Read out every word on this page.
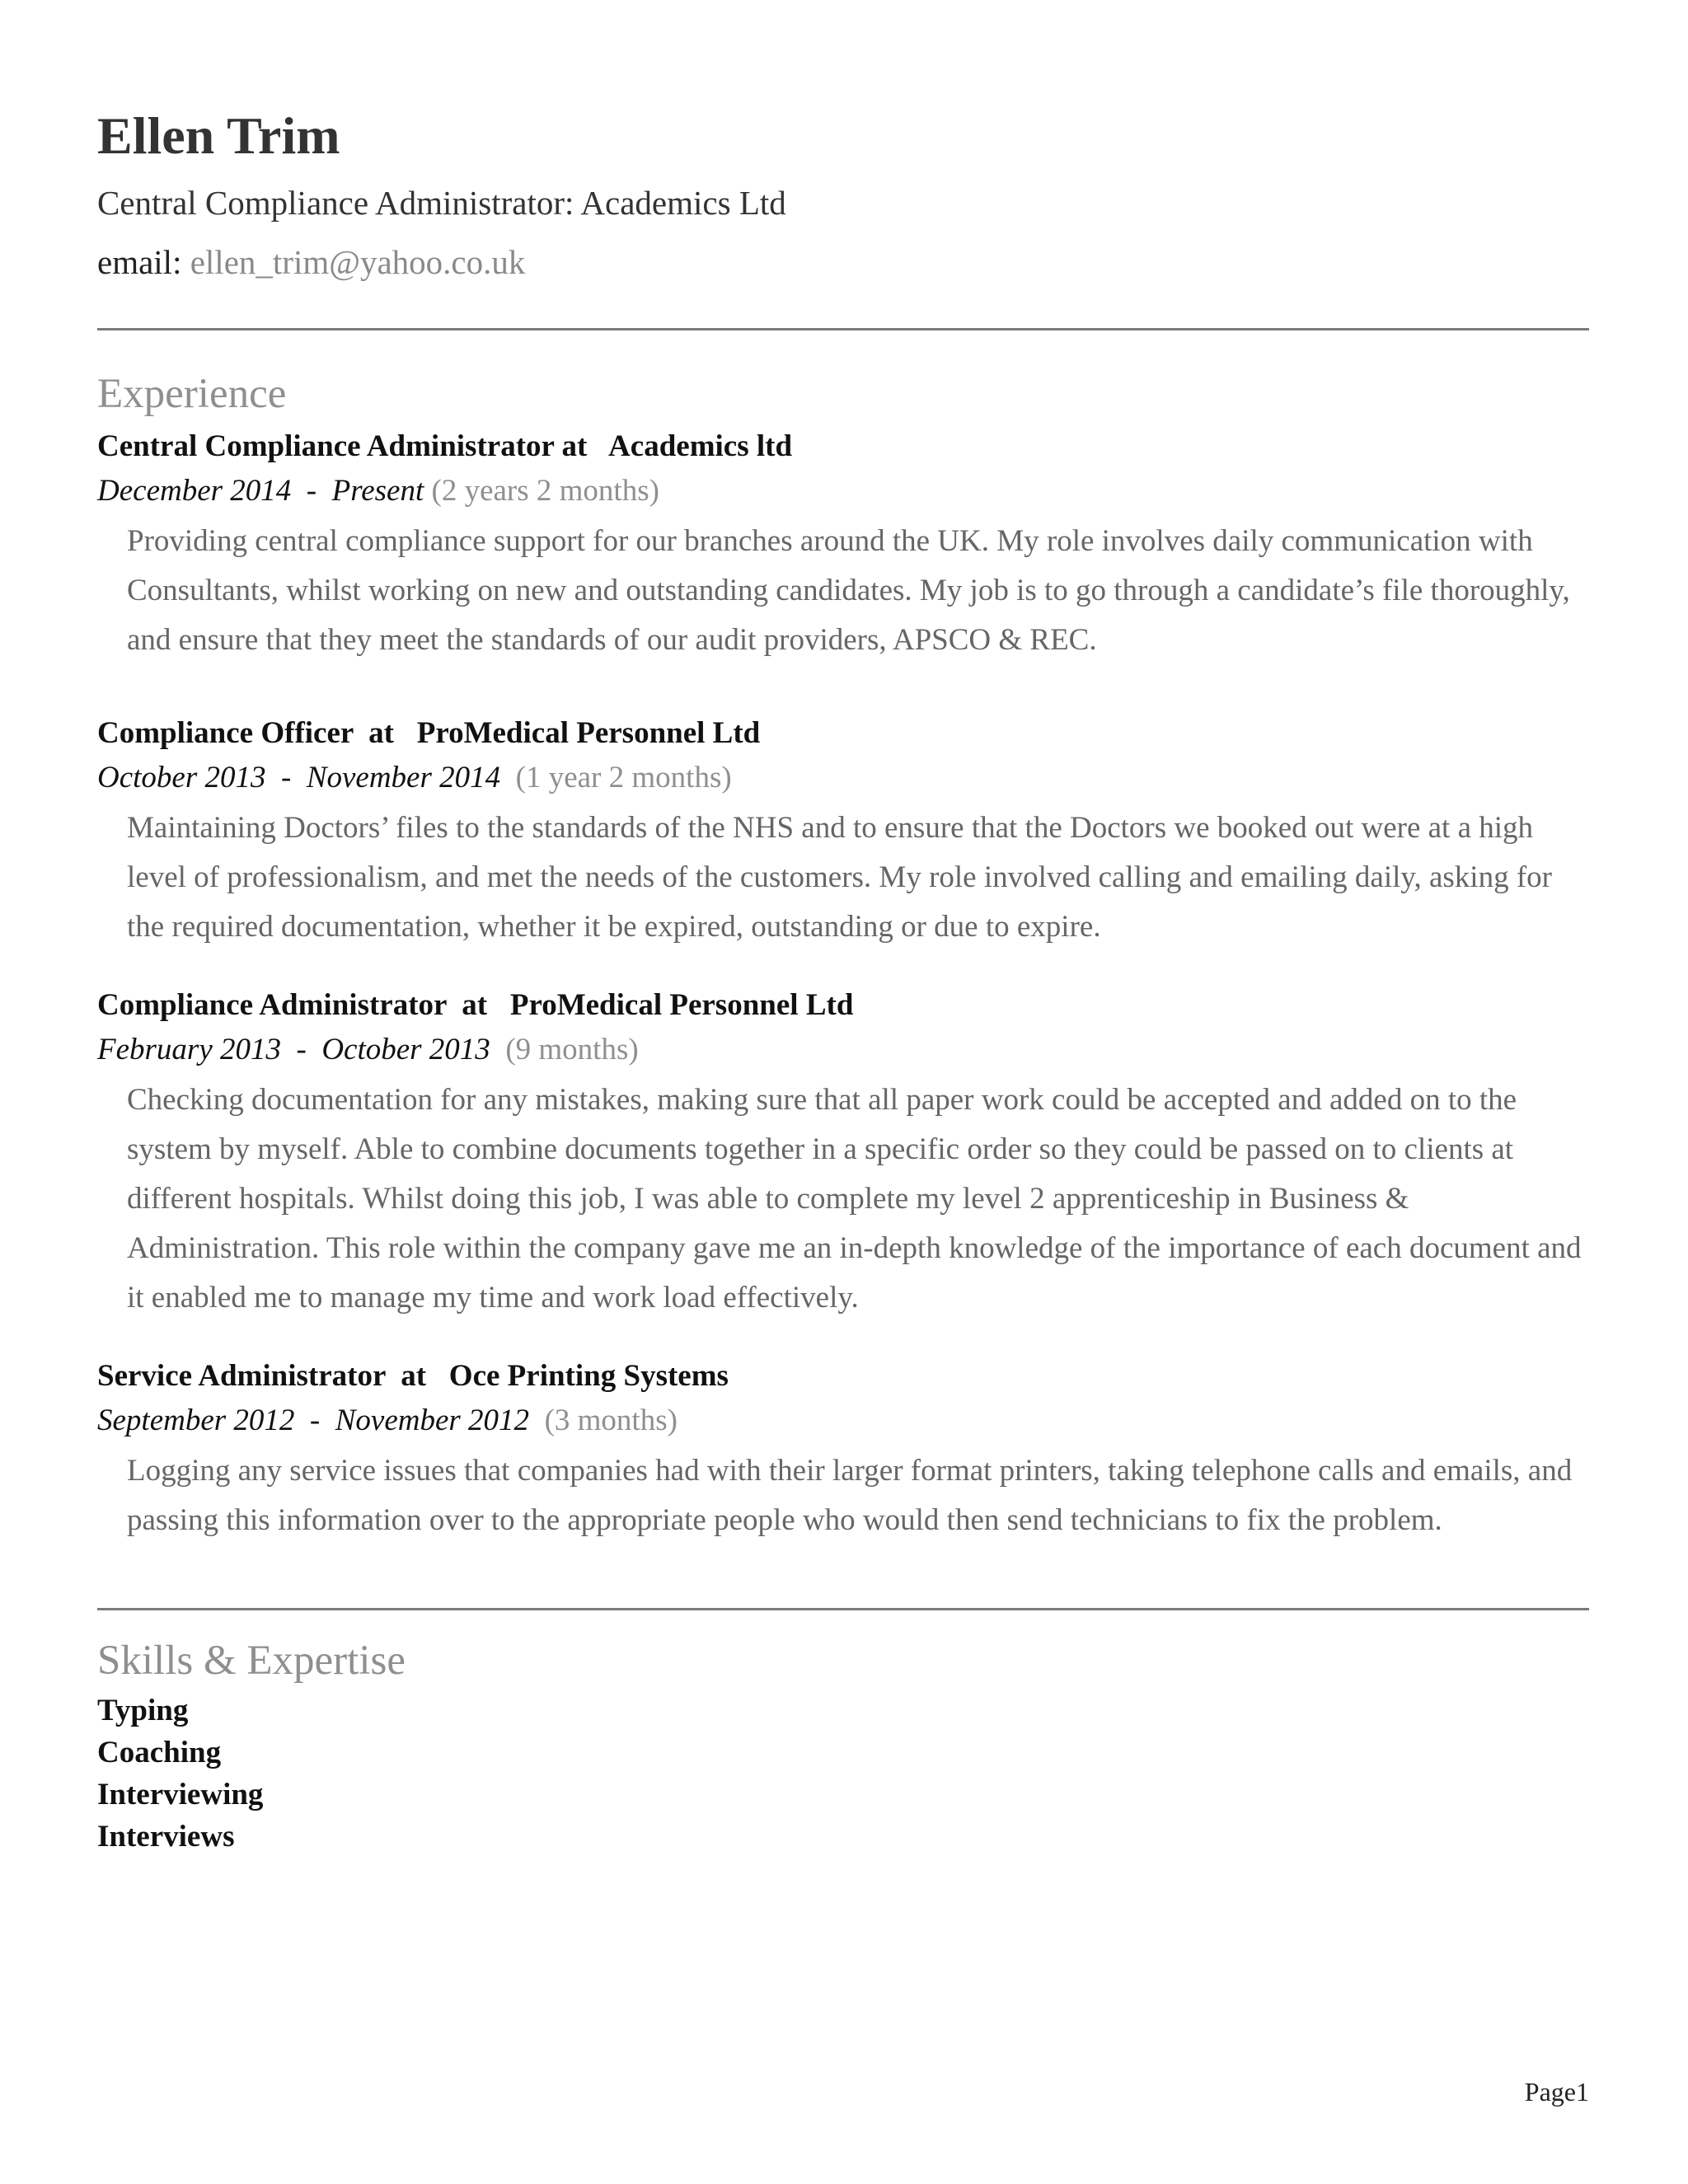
Ellen Trim
Central Compliance Administrator: Academics Ltd
email: ellen_trim@yahoo.co.uk
Experience
Central Compliance Administrator at   Academics ltd
December 2014  -  Present (2 years 2 months)
Providing central compliance support for our branches around the UK. My role involves daily communication with Consultants, whilst working on new and outstanding candidates. My job is to go through a candidate’s file thoroughly, and ensure that they meet the standards of our audit providers, APSCO & REC.
Compliance Officer  at   ProMedical Personnel Ltd
October 2013  -  November 2014 (1 year 2 months)
Maintaining Doctors’ files to the standards of the NHS and to ensure that the Doctors we booked out were at a high level of professionalism, and met the needs of the customers. My role involved calling and emailing daily, asking for the required documentation, whether it be expired, outstanding or due to expire.
Compliance Administrator  at   ProMedical Personnel Ltd
February 2013  -  October 2013 (9 months)
Checking documentation for any mistakes, making sure that all paper work could be accepted and added on to the system by myself. Able to combine documents together in a specific order so they could be passed on to clients at different hospitals. Whilst doing this job, I was able to complete my level 2 apprenticeship in Business & Administration. This role within the company gave me an in-depth knowledge of the importance of each document and it enabled me to manage my time and work load effectively.
Service Administrator  at   Oce Printing Systems
September 2012  -  November 2012 (3 months)
Logging any service issues that companies had with their larger format printers, taking telephone calls and emails, and passing this information over to the appropriate people who would then send technicians to fix the problem.
Skills & Expertise
Typing
Coaching
Interviewing
Interviews
Page1
